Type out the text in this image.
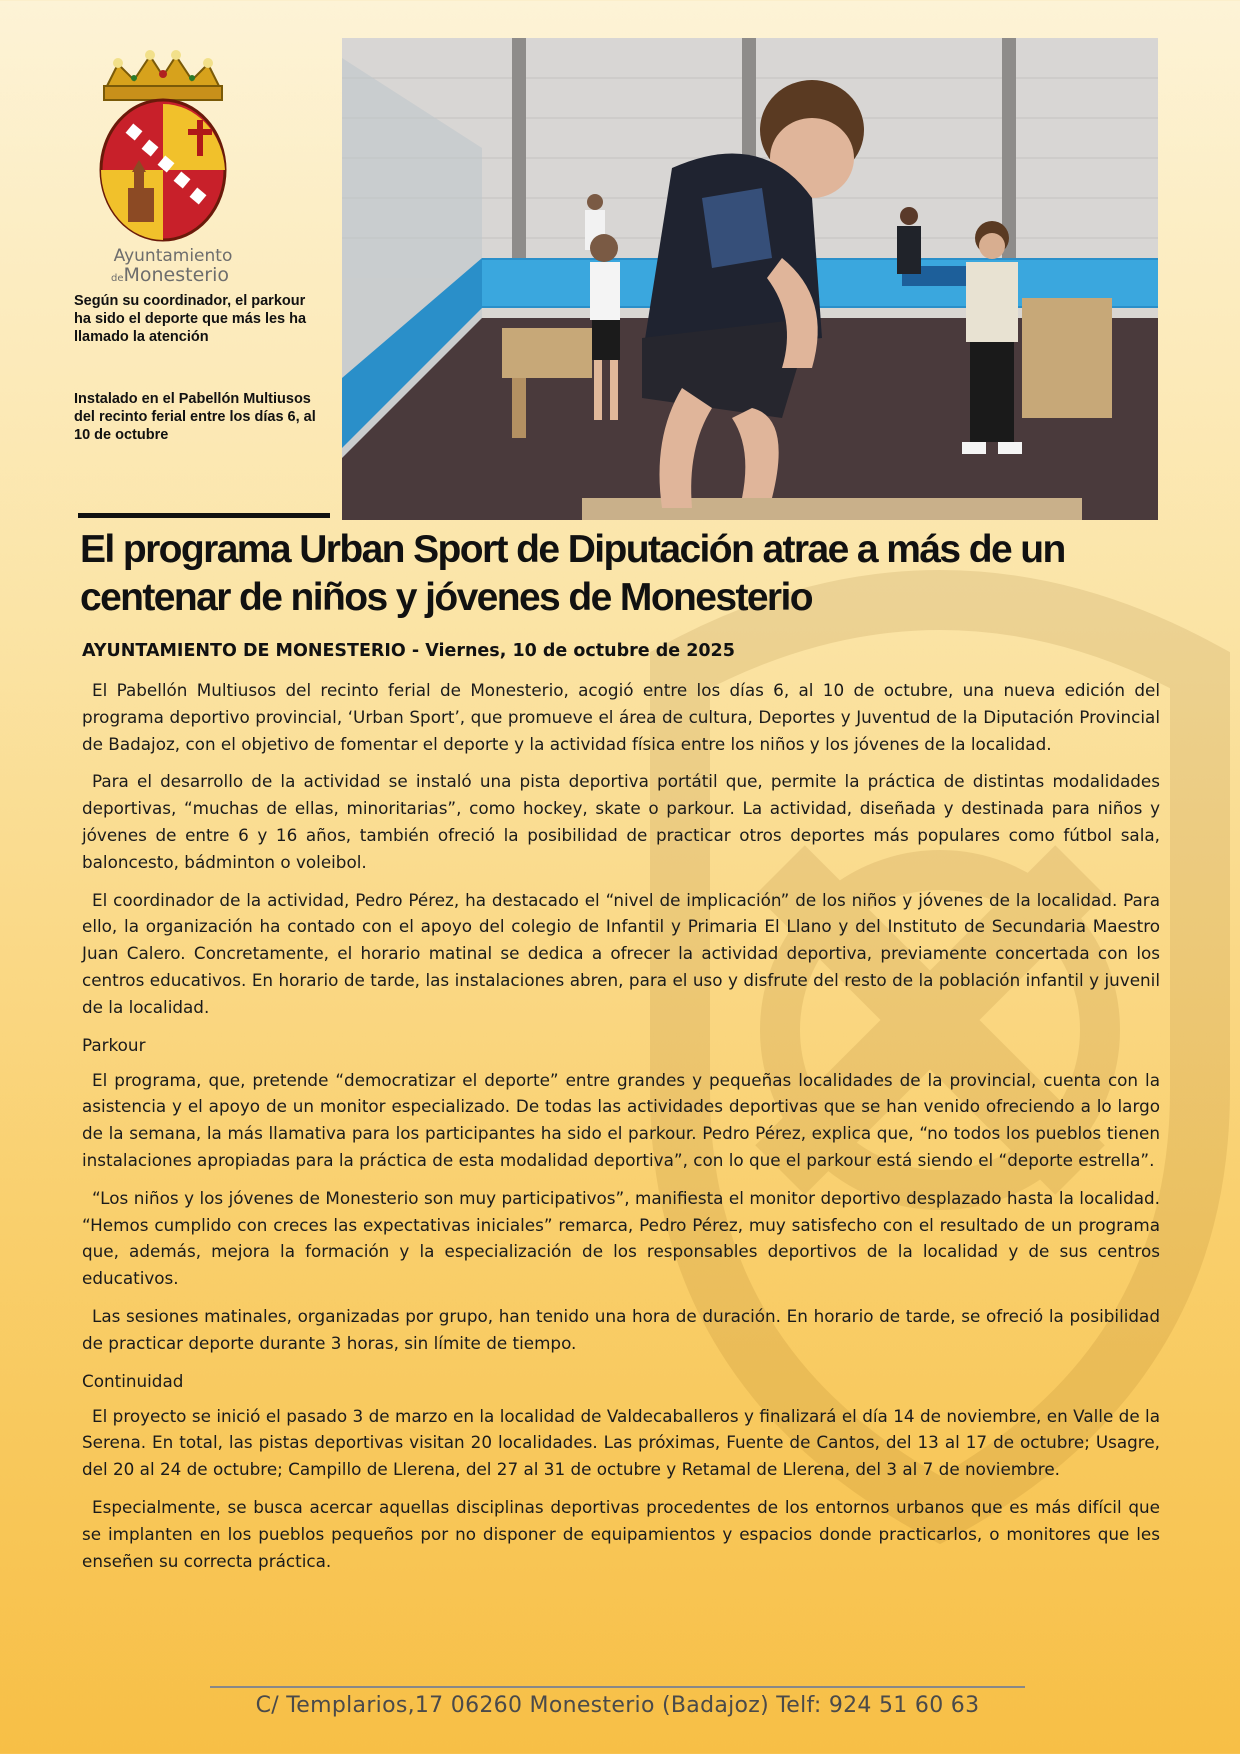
Ayuntamiento
deMonesterio
Según su coordinador, el parkour ha sido el deporte que más les ha llamado la atención
Instalado en el Pabellón Multiusos del recinto ferial entre los días 6, al 10 de octubre
El programa Urban Sport de Diputación atrae a más de un centenar de niños y jóvenes de Monesterio
AYUNTAMIENTO DE MONESTERIO - Viernes, 10 de octubre de 2025

El Pabellón Multiusos del recinto ferial de Monesterio, acogió entre los días 6, al 10 de octubre, una nueva edición del programa deportivo provincial, ‘Urban Sport’, que promueve el área de cultura, Deportes y Juventud de la Diputación Provincial de Badajoz, con el objetivo de fomentar el deporte y la actividad física entre los niños y los jóvenes de la localidad.

Para el desarrollo de la actividad se instaló una pista deportiva portátil que, permite la práctica de distintas modalidades deportivas, “muchas de ellas, minoritarias”, como hockey, skate o parkour. La actividad, diseñada y destinada para niños y jóvenes de entre 6 y 16 años, también ofreció la posibilidad de practicar otros deportes más populares como fútbol sala, baloncesto, bádminton o voleibol.

El coordinador de la actividad, Pedro Pérez, ha destacado el “nivel de implicación” de los niños y jóvenes de la localidad. Para ello, la organización ha contado con el apoyo del colegio de Infantil y Primaria El Llano y del Instituto de Secundaria Maestro Juan Calero. Concretamente, el horario matinal se dedica a ofrecer la actividad deportiva, previamente concertada con los centros educativos. En horario de tarde, las instalaciones abren, para el uso y disfrute del resto de la población infantil y juvenil de la localidad.

Parkour

El programa, que, pretende “democratizar el deporte” entre grandes y pequeñas localidades de la provincial, cuenta con la asistencia y el apoyo de un monitor especializado. De todas las actividades deportivas que se han venido ofreciendo a lo largo de la semana, la más llamativa para los participantes ha sido el parkour. Pedro Pérez, explica que, “no todos los pueblos tienen instalaciones apropiadas para la práctica de esta modalidad deportiva”, con lo que el parkour está siendo el “deporte estrella”.

“Los niños y los jóvenes de Monesterio son muy participativos”, manifiesta el monitor deportivo desplazado hasta la localidad. “Hemos cumplido con creces las expectativas iniciales” remarca, Pedro Pérez, muy satisfecho con el resultado de un programa que, además, mejora la formación y la especialización de los responsables deportivos de la localidad y de sus centros educativos.

Las sesiones matinales, organizadas por grupo, han tenido una hora de duración. En horario de tarde, se ofreció la posibilidad de practicar deporte durante 3 horas, sin límite de tiempo.

Continuidad

El proyecto se inició el pasado 3 de marzo en la localidad de Valdecaballeros y finalizará el día 14 de noviembre, en Valle de la Serena. En total, las pistas deportivas visitan 20 localidades. Las próximas, Fuente de Cantos, del 13 al 17 de octubre; Usagre, del 20 al 24 de octubre; Campillo de Llerena, del 27 al 31 de octubre y Retamal de Llerena, del 3 al 7 de noviembre.

Especialmente, se busca acercar aquellas disciplinas deportivas procedentes de los entornos urbanos que es más difícil que se implanten en los pueblos pequeños por no disponer de equipamientos y espacios donde practicarlos, o monitores que les enseñen su correcta práctica.

C/ Templarios,17 06260 Monesterio (Badajoz) Telf: 924 51 60 63
